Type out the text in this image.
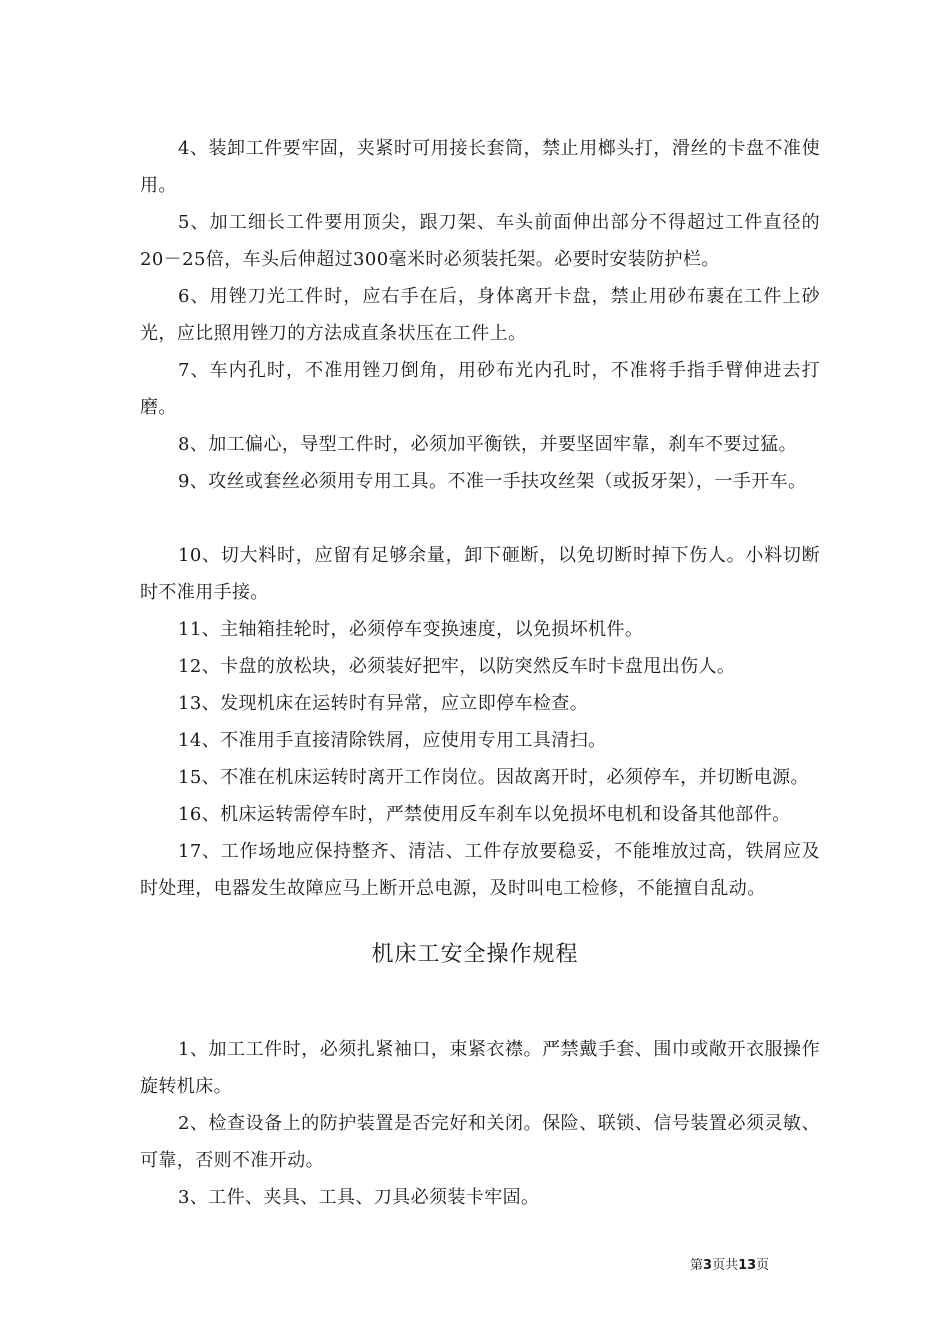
4、装卸工件要牢固，夹紧时可用接长套筒，禁止用榔头打，滑丝的卡盘不准使用。

5、加工细长工件要用顶尖，跟刀架、车头前面伸出部分不得超过工件直径的20－25倍，车头后伸超过300毫米时必须装托架。必要时安装防护栏。

6、用锉刀光工件时，应右手在后，身体离开卡盘，禁止用砂布裹在工件上砂光，应比照用锉刀的方法成直条状压在工件上。

7、车内孔时，不准用锉刀倒角，用砂布光内孔时，不准将手指手臂伸进去打磨。

8、加工偏心，导型工件时，必须加平衡铁，并要坚固牢靠，刹车不要过猛。

9、攻丝或套丝必须用专用工具。不准一手扶攻丝架（或扳牙架），一手开车。

10、切大料时，应留有足够余量，卸下砸断，以免切断时掉下伤人。小料切断时不准用手接。

11、主轴箱挂轮时，必须停车变换速度，以免损坏机件。

12、卡盘的放松块，必须装好把牢，以防突然反车时卡盘甩出伤人。

13、发现机床在运转时有异常，应立即停车检查。

14、不准用手直接清除铁屑，应使用专用工具清扫。

15、不准在机床运转时离开工作岗位。因故离开时，必须停车，并切断电源。

16、机床运转需停车时，严禁使用反车刹车以免损坏电机和设备其他部件。

17、工作场地应保持整齐、清洁、工件存放要稳妥，不能堆放过高，铁屑应及时处理，电器发生故障应马上断开总电源，及时叫电工检修，不能擅自乱动。

机床工安全操作规程

1、加工工件时，必须扎紧袖口，束紧衣襟。严禁戴手套、围巾或敞开衣服操作旋转机床。

2、检查设备上的防护装置是否完好和关闭。保险、联锁、信号装置必须灵敏、可靠，否则不准开动。

3、工件、夹具、工具、刀具必须装卡牢固。

第3页共13页
